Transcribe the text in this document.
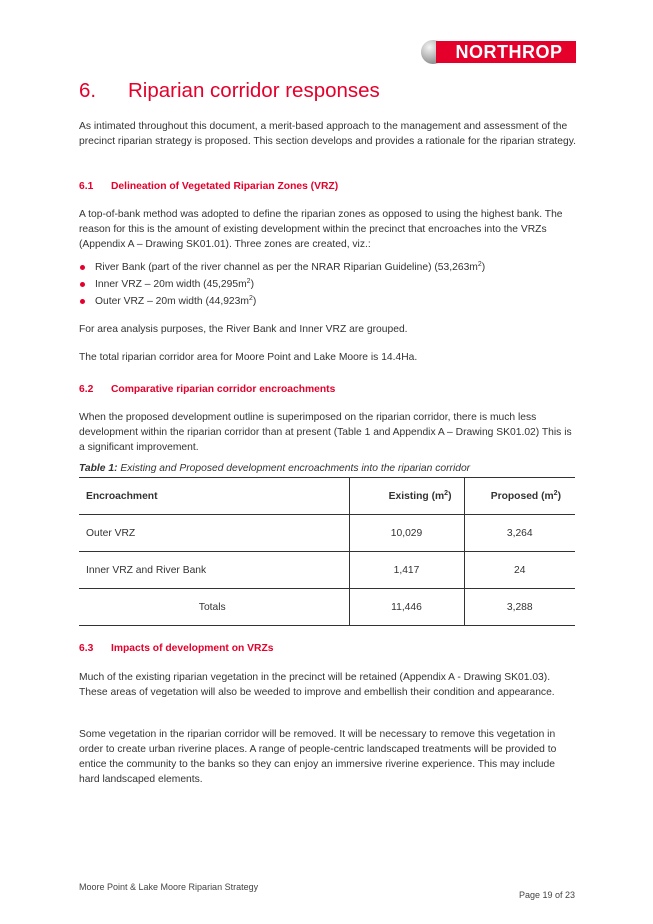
NORTHROP
6. Riparian corridor responses

As intimated throughout this document, a merit-based approach to the management and assessment of the precinct riparian strategy is proposed. This section develops and provides a rationale for the riparian strategy.

6.1 Delineation of Vegetated Riparian Zones (VRZ)

A top-of-bank method was adopted to define the riparian zones as opposed to using the highest bank. The reason for this is the amount of existing development within the precinct that encroaches into the VRZs (Appendix A – Drawing SK01.01). Three zones are created, viz.:

River Bank (part of the river channel as per the NRAR Riparian Guideline) $(53,263m^2)$
Inner VRZ – 20m width $(45,295m^2)$
Outer VRZ – 20m width $(44,923m^2)$

For area analysis purposes, the River Bank and Inner VRZ are grouped.

The total riparian corridor area for Moore Point and Lake Moore is 14.4Ha.

6.2 Comparative riparian corridor encroachments

When the proposed development outline is superimposed on the riparian corridor, there is much less development within the riparian corridor than at present (Table 1 and Appendix A – Drawing SK01.02) This is a significant improvement.

Table 1: Existing and Proposed development encroachments into the riparian corridor
Encroachment	Existing $(m^2)$	Proposed $(m^2)$
Outer VRZ	10,029	3,264
Inner VRZ and River Bank	1,417	24
Totals	11,446	3,288
6.3 Impacts of development on VRZs

Much of the existing riparian vegetation in the precinct will be retained (Appendix A - Drawing SK01.03). These areas of vegetation will also be weeded to improve and embellish their condition and appearance.

Some vegetation in the riparian corridor will be removed. It will be necessary to remove this vegetation in order to create urban riverine places. A range of people-centric landscaped treatments will be provided to entice the community to the banks so they can enjoy an immersive riverine experience. This may include hard landscaped elements.

Moore Point & Lake Moore Riparian Strategy
Page 19 of 23
